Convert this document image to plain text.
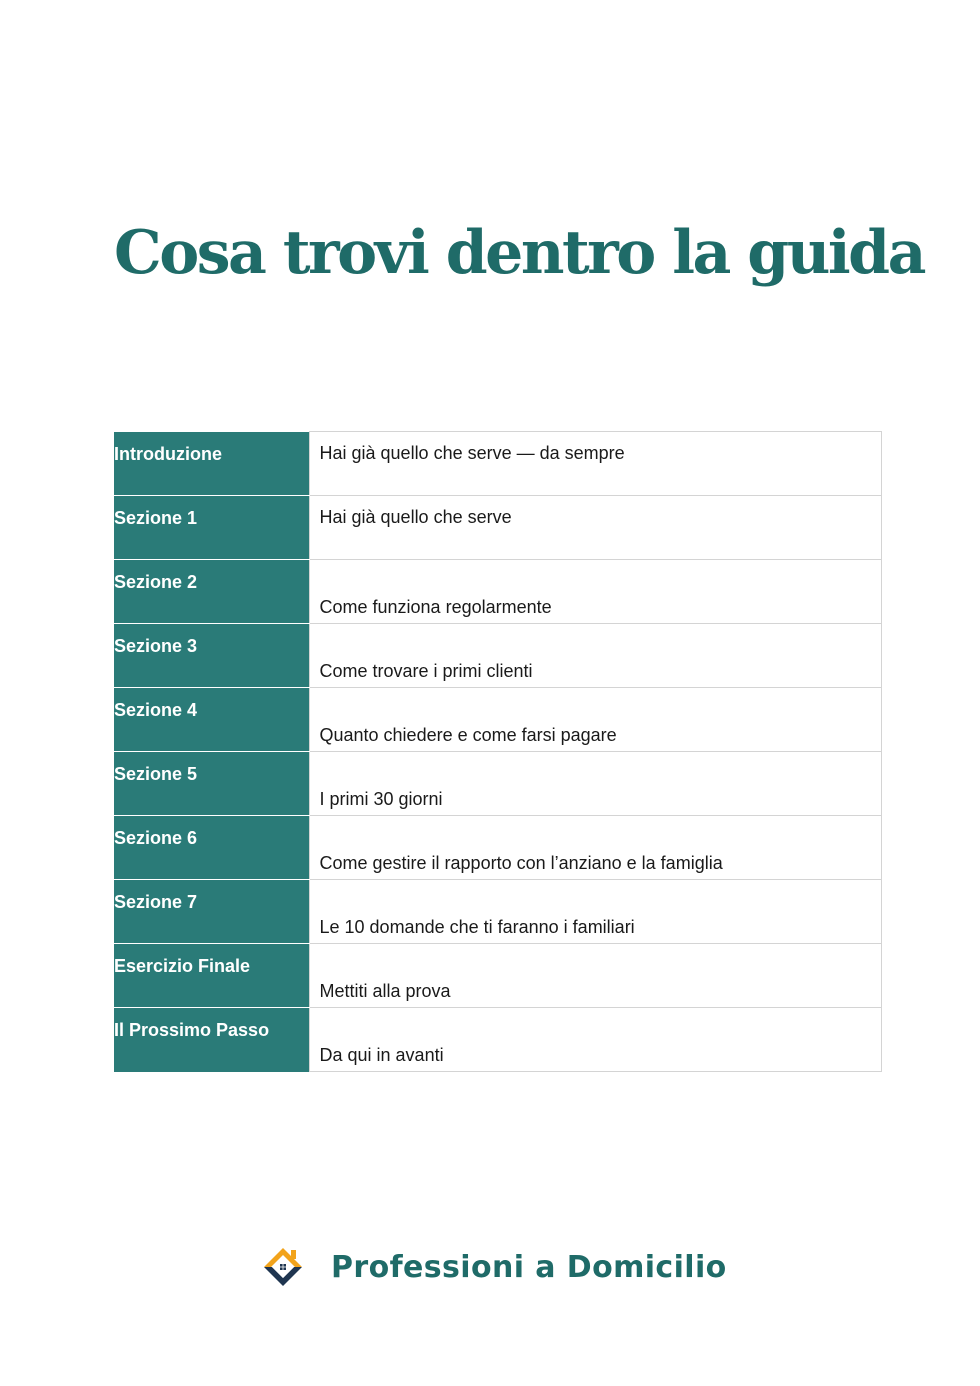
Cosa trovi dentro la guida
Introduzione	Hai già quello che serve — da sempre

Sezione 1	Hai già quello che serve

Sezione 2	Come funziona regolarmente

Sezione 3	Come trovare i primi clienti

Sezione 4	Quanto chiedere e come farsi pagare

Sezione 5	I primi 30 giorni

Sezione 6	Come gestire il rapporto con l’anziano e la famiglia

Sezione 7	Le 10 domande che ti faranno i familiari

Esercizio Finale	Mettiti alla prova

Il Prossimo Passo	Da qui in avanti
Professioni a Domicilio
